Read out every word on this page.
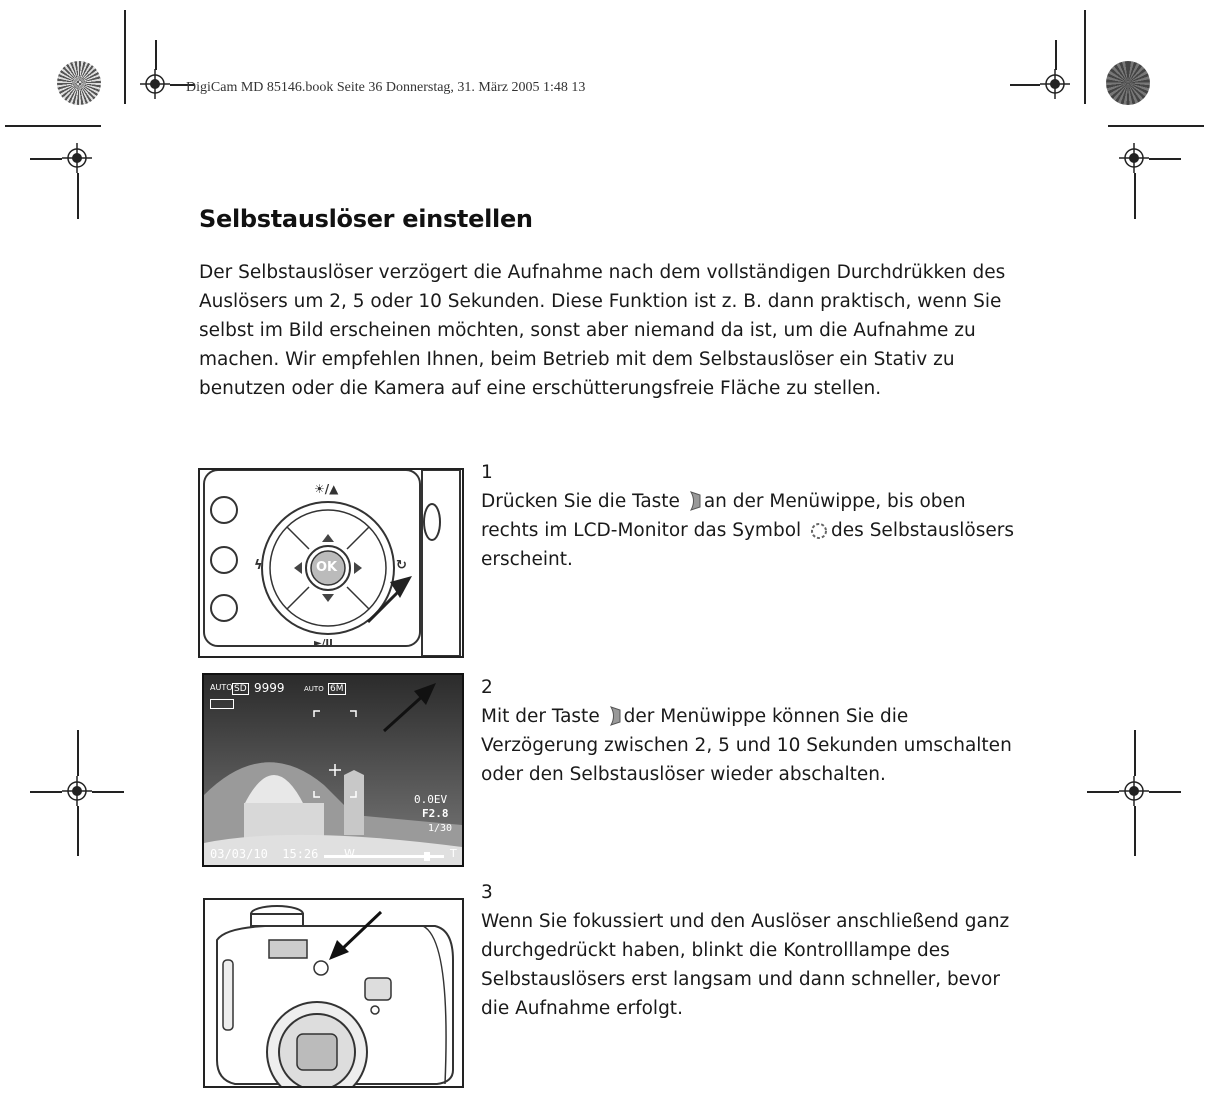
DigiCam MD 85146.book Seite 36 Donnerstag, 31. März 2005 1:48 13
Selbstauslöser einstellen

Der Selbstauslöser verzögert die Aufnahme nach dem vollständigen Durchdrükken des Auslösers um 2, 5 oder 10 Sekunden. Diese Funktion ist z. B. dann praktisch, wenn Sie selbst im Bild erscheinen möchten, sonst aber niemand da ist, um die Aufnahme zu machen. Wir empfehlen Ihnen, beim Betrieb mit dem Selbstauslöser ein Stativ zu benutzen oder die Kamera auf eine erschütterungsfreie Fläche zu stellen.

☀/▲
ϟ	↻
OK
►/II
1
Drücken Sie die Taste an der Menüwippe, bis oben rechts im LCD-Monitor das Symbol des Selbstauslösers erscheint.
AUTO SD 9999	AUTO 6M
0.0EV
F2.8
1/30
03/03/10  15:26 W	T
2
Mit der Taste der Menüwippe können Sie die Verzögerung zwischen 2, 5 und 10 Sekunden umschalten oder den Selbstauslöser wieder abschalten.
3
Wenn Sie fokussiert und den Auslöser anschließend ganz durchgedrückt haben, blinkt die Kontrolllampe des Selbstauslösers erst langsam und dann schneller, bevor die Aufnahme erfolgt.
